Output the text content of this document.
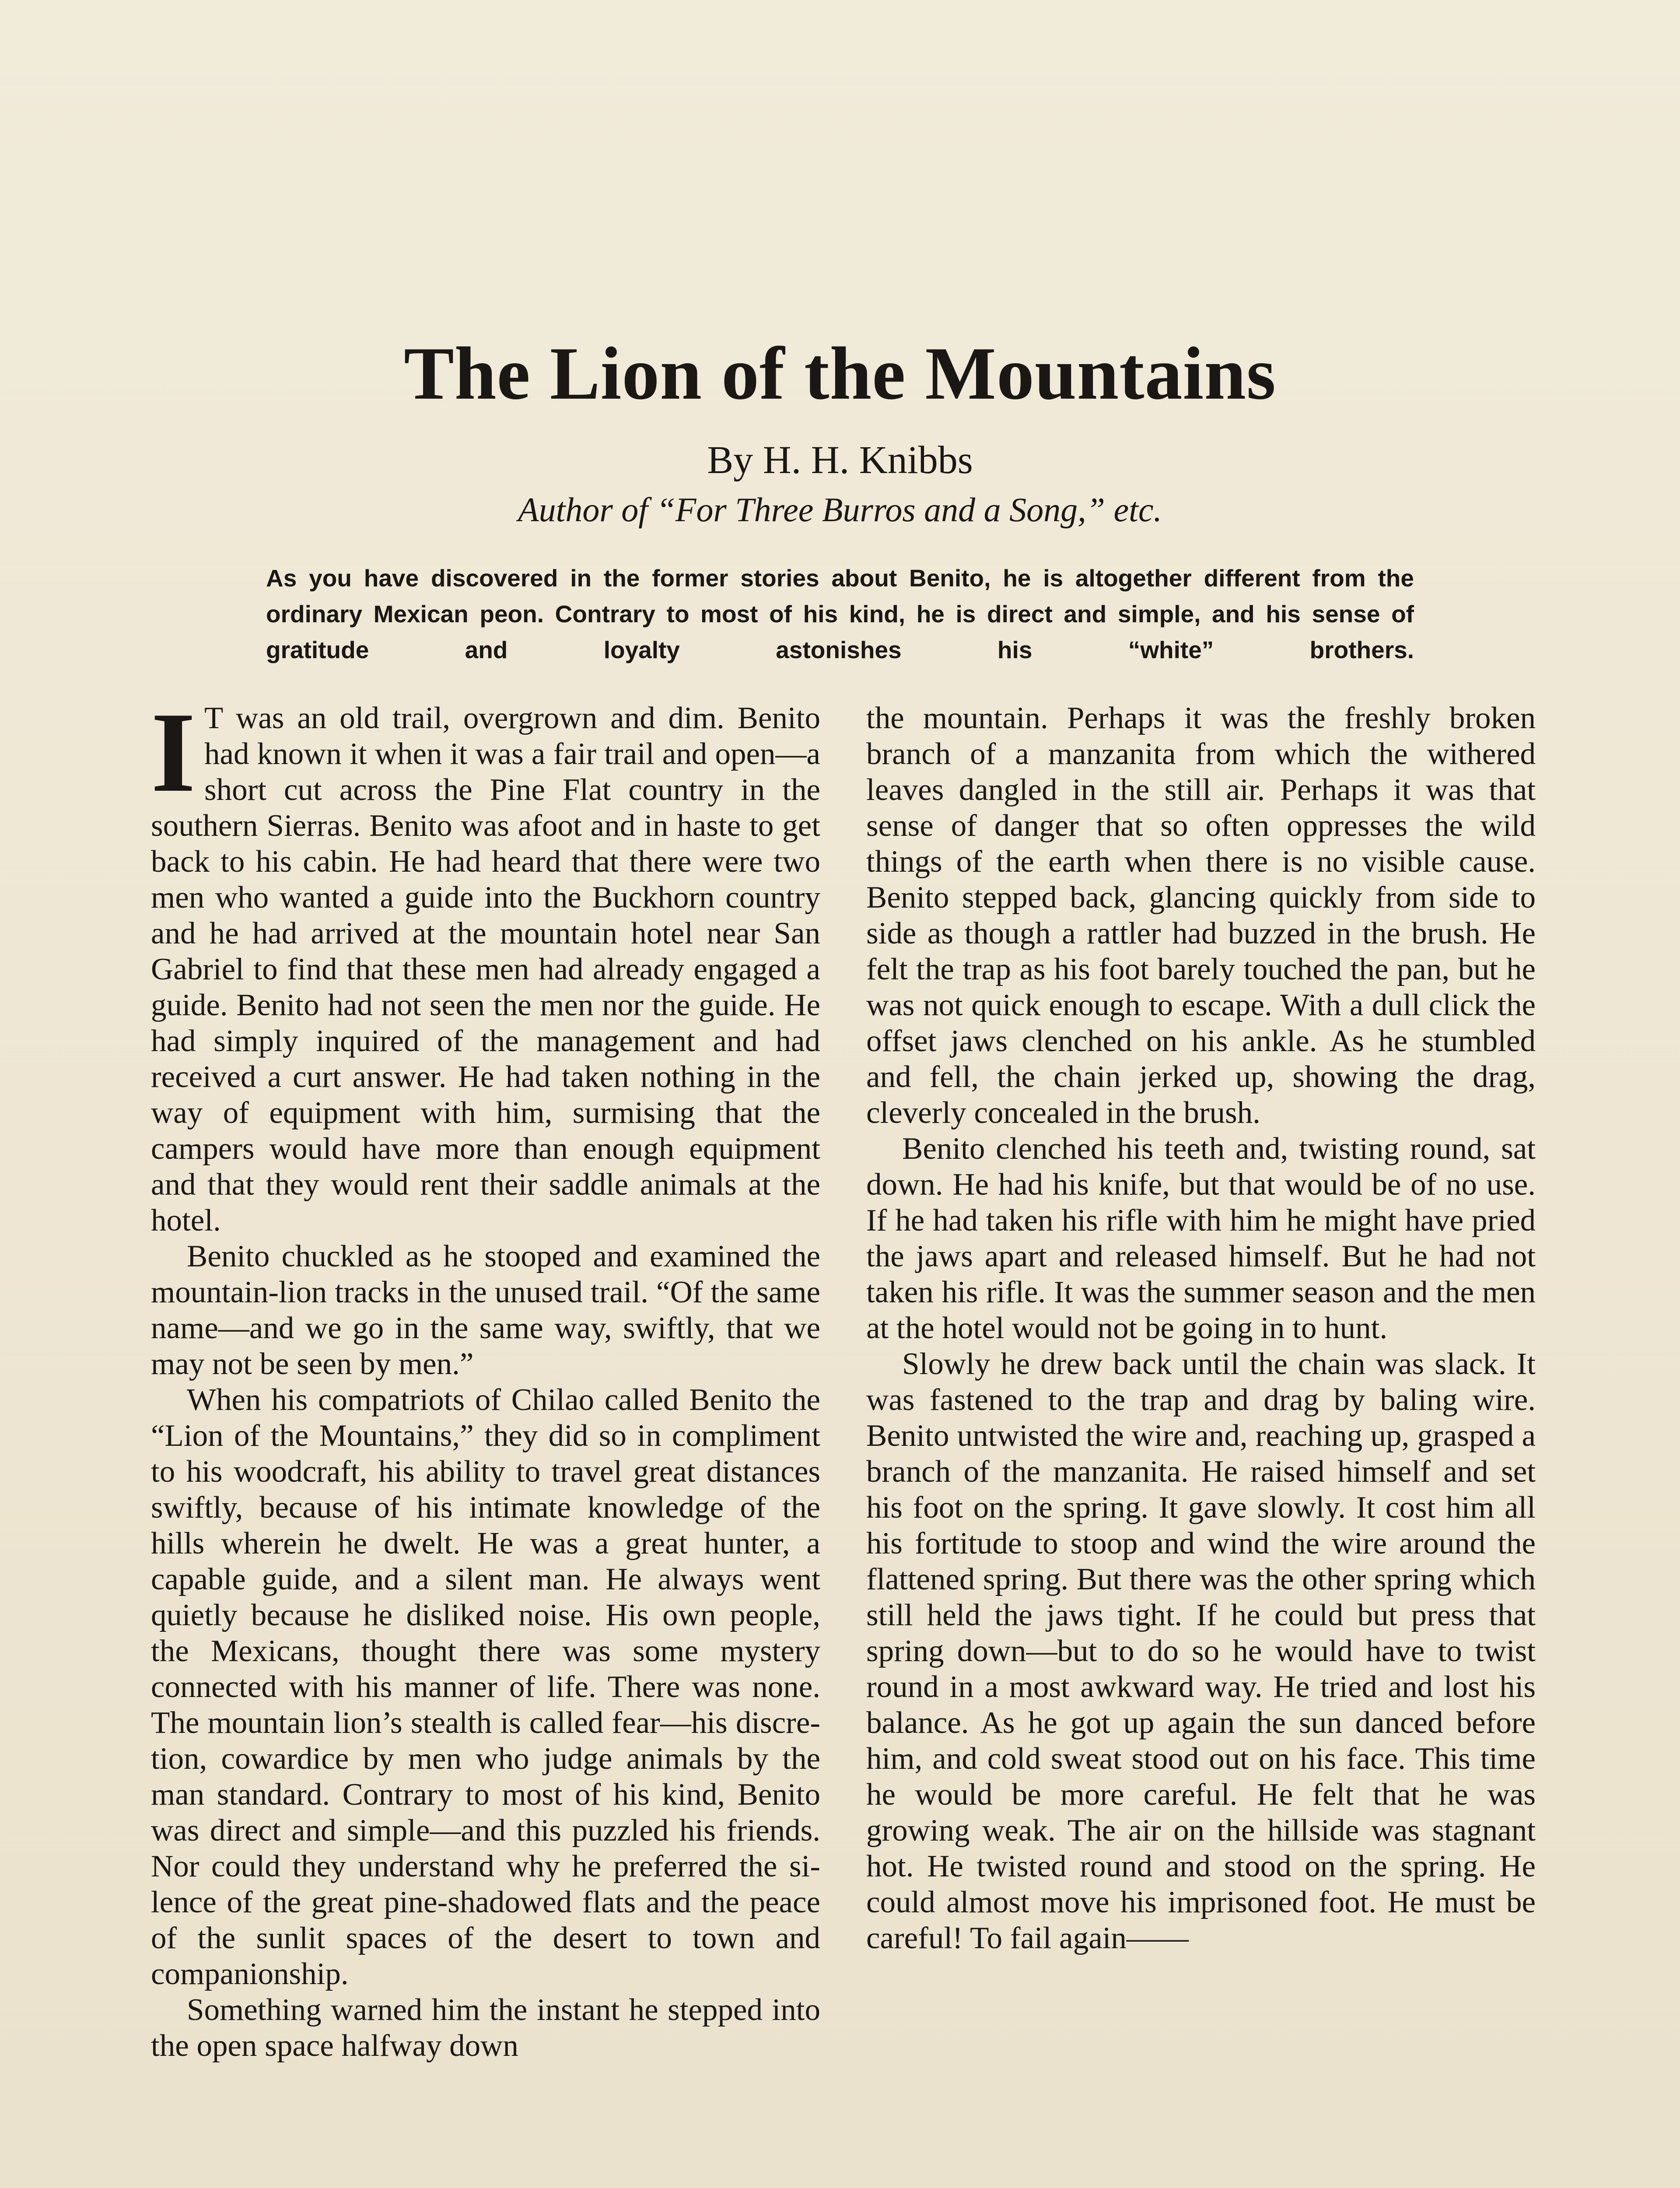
The Lion of the Mountains
By H. H. Knibbs
Author of “For Three Burros and a Song,” etc.

As you have discovered in the former stories about Benito, he is altogether different from the ordinary Mexican peon. Contrary to most of his kind, he is direct and simple, and his sense of gratitude and loyalty astonishes his “white” brothers.

I T was an old trail, overgrown and dim. Benito had known it when it was a fair trail and open—a short cut across the Pine Flat country in the southern Sierras. Benito was afoot and in haste to get back to his cabin. He had heard that there were two men who wanted a guide into the Buckhorn country and he had arrived at the mountain hotel near San Gabriel to find that these men had already engaged a guide. Benito had not seen the men nor the guide. He had simply inquired of the management and had received a curt answer. He had taken nothing in the way of equipment with him, surmising that the campers would have more than enough equipment and that they would rent their saddle animals at the hotel.

Benito chuckled as he stooped and examined the mountain-lion tracks in the unused trail. “Of the same name—and we go in the same way, swiftly, that we may not be seen by men.”

When his compatriots of Chilao called Benito the “Lion of the Mountains,” they did so in compliment to his woodcraft, his ability to travel great distances swiftly, because of his intimate knowledge of the hills wherein he dwelt. He was a great hunter, a capable guide, and a silent man. He always went quietly because he disliked noise. His own people, the Mexicans, thought there was some mystery connected with his manner of life. There was none. The mountain lion’s stealth is called fear—his discretion, cowardice by men who judge animals by the man standard. Contrary to most of his kind, Benito was direct and simple—and this puzzled his friends. Nor could they understand why he preferred the silence of the great pine-shadowed flats and the peace of the sunlit spaces of the desert to town and companionship.

Something warned him the instant he stepped into the open space halfway down

the mountain. Perhaps it was the freshly broken branch of a manzanita from which the withered leaves dangled in the still air. Perhaps it was that sense of danger that so often oppresses the wild things of the earth when there is no visible cause. Benito stepped back, glancing quickly from side to side as though a rattler had buzzed in the brush. He felt the trap as his foot barely touched the pan, but he was not quick enough to escape. With a dull click the offset jaws clenched on his ankle. As he stumbled and fell, the chain jerked up, showing the drag, cleverly concealed in the brush.

Benito clenched his teeth and, twisting round, sat down. He had his knife, but that would be of no use. If he had taken his rifle with him he might have pried the jaws apart and released himself. But he had not taken his rifle. It was the summer season and the men at the hotel would not be going in to hunt.

Slowly he drew back until the chain was slack. It was fastened to the trap and drag by baling wire. Benito untwisted the wire and, reaching up, grasped a branch of the manzanita. He raised himself and set his foot on the spring. It gave slowly. It cost him all his fortitude to stoop and wind the wire around the flattened spring. But there was the other spring which still held the jaws tight. If he could but press that spring down—but to do so he would have to twist round in a most awkward way. He tried and lost his balance. As he got up again the sun danced before him, and cold sweat stood out on his face. This time he would be more careful. He felt that he was growing weak. The air on the hillside was stagnant hot. He twisted round and stood on the spring. He could almost move his imprisoned foot. He must be careful! To fail again——
